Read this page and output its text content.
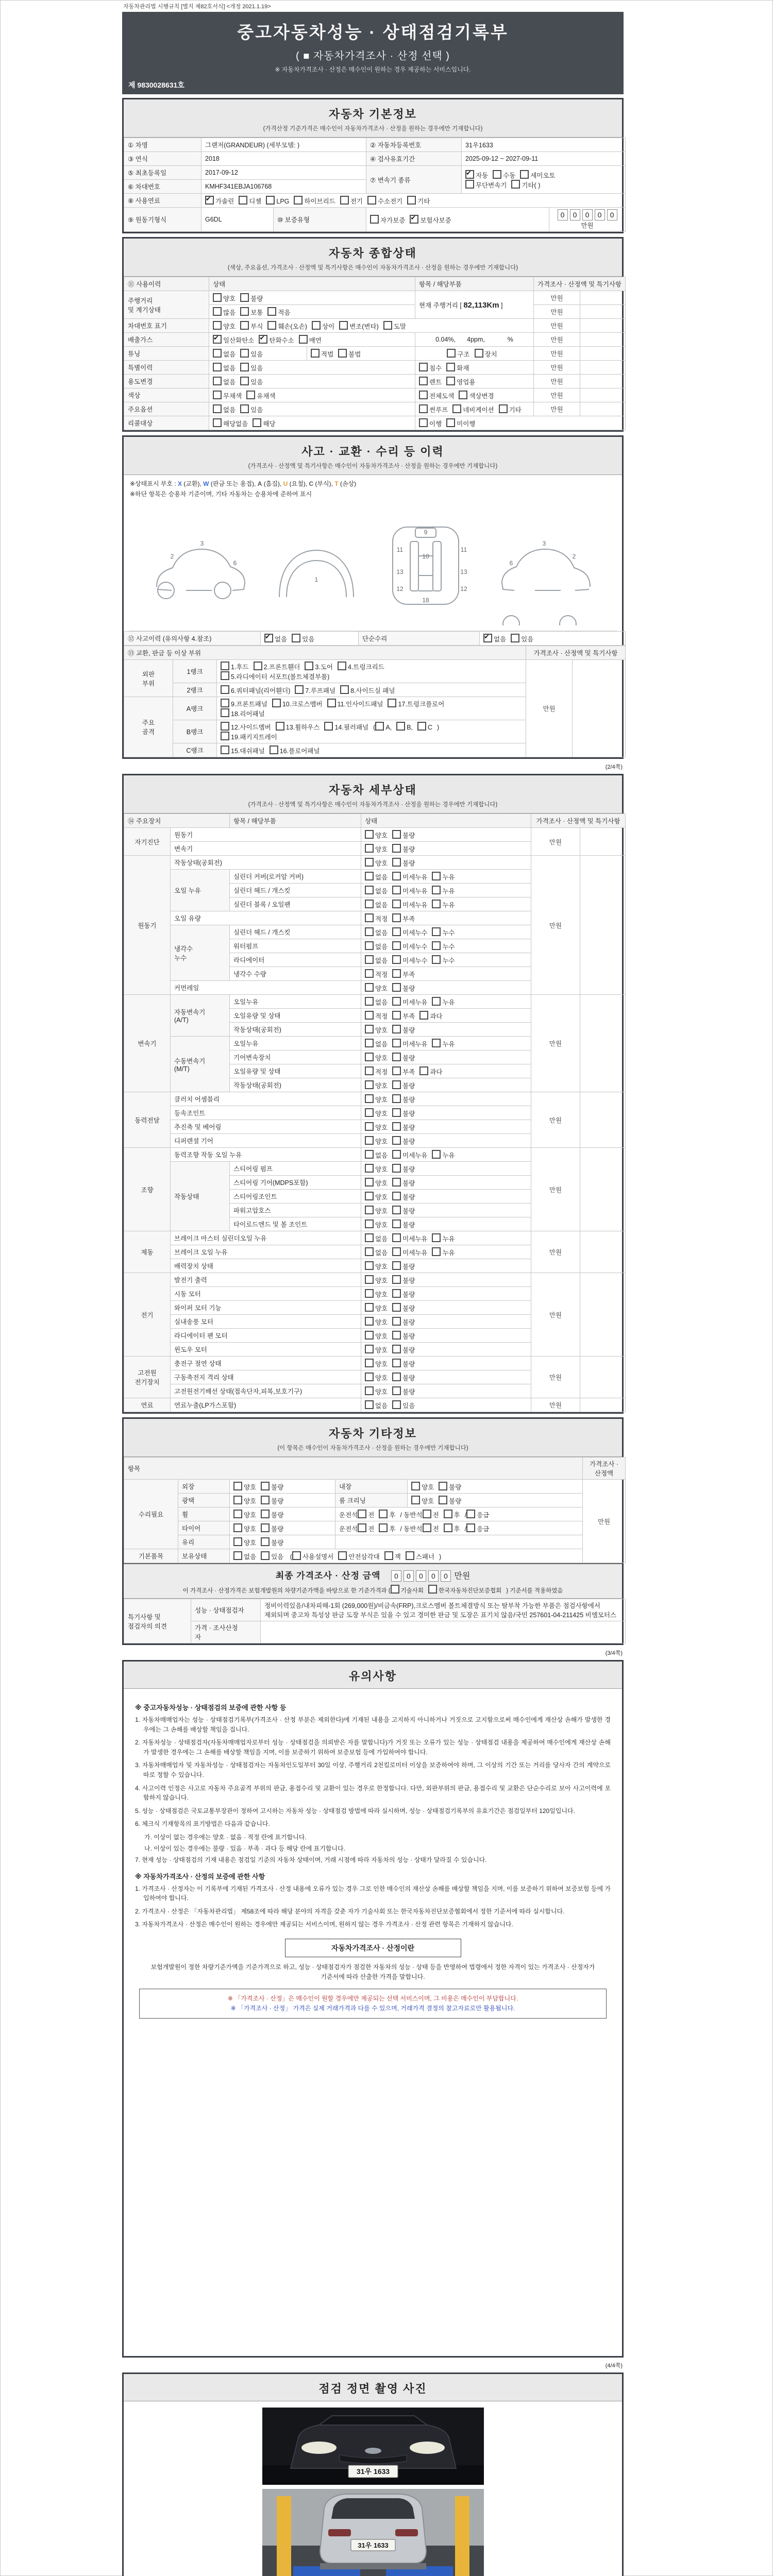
자동차관리법 시행규칙 [별지 제82호서식] <개정 2021.1.19>
중고자동차성능 · 상태점검기록부
( ■ 자동차가격조사 · 산정 선택 )
※ 자동차가격조사 · 산정은 매수인이 원하는 경우 제공하는 서비스입니다.
제 9830028631호
자동차 기본정보
(가격산정 기준가격은 매수인이 자동차가격조사 · 산정을 원하는 경우에만 기재합니다)
① 차명	그랜저(GRANDEUR) (세부모델: )		② 자동차등록번호	31우1633	
③ 연식	2018		④ 검사유효기간	2025-09-12 ~ 2027-09-11	
⑤ 최초등록일	2017-09-12		⑦ 변속기 종류	✔자동 수동 세미오토
무단변속기 기타( )
⑥ 차대번호	KMHF341EBJA106768				
⑧ 사용연료	✔가솔린 디젤 LPG 하이브리드 전기 수소전기 기타
⑨ 원동기형식	G6DL	⑩ 보증유형	자가보증 ✔ 보험사보증		0 0 0 0 0만원
자동차 종합상태
(색상, 주요옵션, 가격조사 · 산정액 및 특기사항은 매수인이 자동차가격조사 · 산정을 원하는 경우에만 기재합니다)
⑪ 사용이력	상태		항목 / 해당부품	가격조사 · 산정액 및 특기사항	
주행거리
및 계기상태	양호 불량		현재 주행거리 [ 82,113Km ]	만원	
	많음 보통 적음			만원	
차대번호 표기	양호 부식 훼손(오손) 상이 변조(변타) 도말			만원	
배출가스	✔일산화탄소 ✔ 탄화수소 매연		0.04%, 4ppm, %	만원	
튜닝	없음 있음	적법 불법	구조 장치	만원	
특별이력	없음 있음		침수 화재	만원	
용도변경	없음 있음		렌트 영업용	만원	
색상	무채색 유채색		전체도색 색상변경	만원	
주요옵션	없음 있음		썬루프 네비게이션 기타	만원	
리콜대상	해당없음 해당		이행 미이행		
사고 · 교환 · 수리 등 이력
(가격조사 · 산정액 및 특기사항은 매수인이 자동차가격조사 · 산정을 원하는 경우에만 기재합니다)
※상태표시 부호 : X (교환), W (판금 또는 용접), A (흠집), U (요철), C (부식), T (손상)
※하단 항목은 승용차 기준이며, 기타 자동차는 승용차에 준하여 표시
2
3
6
1
11	11
9
10
13	13
12	12
18
2
3
6
⑫ 사고이력 (유의사항 4.참조)	✔없음 있음	단순수리	✔없음 있음
⑬ 교환, 판금 등 이상 부위			가격조사 · 산정액 및 특기사항	
외판
부위	1랭크	1.후드 2.프론트휀더 3.도어 4.트렁크리드
5.라디에이터 서포트(볼트체결부품)	만원	
	2랭크	6.쿼터패널(리어휀더) 7.루프패널 8.사이드실 패널		
주요
골격	A랭크	9.프론트패널 10.크로스멤버 11.인사이드패널 17.트렁크플로어
18.리어패널		
	B랭크	12.사이드멤버 13.휠하우스 14.필러패널 ( A, B, C )
19.패키지트레이		
	C랭크	15.대쉬패널 16.플로어패널		
(2/4쪽)
자동차 세부상태
(가격조사 · 산정액 및 특기사항은 매수인이 자동차가격조사 · 산정을 원하는 경우에만 기재합니다)
⑭ 주요장치		항목 / 해당부품	상태	가격조사 · 산정액 및 특기사항	
자기진단	원동기		양호 불량	만원	
	변속기		양호 불량		
원동기	작동상태(공회전)		양호 불량	만원	
	오일 누유	실린더 커버(로커암 커버)	없음 미세누유 누유		
		실린더 헤드 / 개스킷	없음 미세누유 누유		
		실린더 블록 / 오일팬	없음 미세누유 누유		
	오일 유량		적정 부족		
	냉각수
누수	실린더 헤드 / 개스킷	없음 미세누수 누수		
		워터펌프	없음 미세누수 누수		
		라디에이터	없음 미세누수 누수		
		냉각수 수량	적정 부족		
	커먼레일		양호 불량		
변속기	자동변속기
(A/T)	오일누유	없음 미세누유 누유	만원	
		오일유량 및 상태	적정 부족 과다		
		작동상태(공회전)	양호 불량		
	수동변속기
(M/T)	오일누유	없음 미세누유 누유		
		기어변속장치	양호 불량		
		오일유량 및 상태	적정 부족 과다		
		작동상태(공회전)	양호 불량		
동력전달	클러치 어셈블리		양호 불량	만원	
	등속조인트		양호 불량		
	추진축 및 베어링		양호 불량		
	디퍼렌셜 기어		양호 불량		
조향	동력조향 작동 오일 누유		없음 미세누유 누유	만원	
	작동상태	스티어링 펌프	양호 불량		
		스티어링 기어(MDPS포함)	양호 불량		
		스티어링조인트	양호 불량		
		파워고압호스	양호 불량		
		타이로드엔드 및 볼 조인트	양호 불량		
제동	브레이크 마스터 실린더오일 누유		없음 미세누유 누유	만원	
	브레이크 오일 누유		없음 미세누유 누유		
	배력장치 상태		양호 불량		
전기	발전기 출력		양호 불량	만원	
	시동 모터		양호 불량		
	와이퍼 모터 기능		양호 불량		
	실내송풍 모터		양호 불량		
	라디에이터 팬 모터		양호 불량		
	윈도우 모터		양호 불량		
고전원
전기장치	충전구 절연 상태		양호 불량	만원	
	구동축전지 격리 상태		양호 불량		
	고전원전기배선 상태(접속단자,피복,보호기구)		양호 불량		
연료	연료누출(LP가스포함)		없음 있음	만원	
자동차 기타정보
(이 항목은 매수인이 자동차가격조사 · 산정을 원하는 경우에만 기재합니다)
항목					가격조사 · 산정액
수리필요	외장	양호 불량	내장	양호 불량	만원
	광택	양호 불량	룸 크리닝	양호 불량	
	휠	양호 불량	운전석 전 후 / 동반석 전 후 / 응급		
	타이어	양호 불량	운전석 전 후 / 동반석 전 후 / 응급		
	유리	양호 불량			
기본품목	보유상태	없음 있음 ( 사용설명서 안전삼각대 잭 스패너 )			
최종 가격조사 · 산정 금액 0 0 0 0 0 만원
이 가격조사 · 산정가격은 보험개발원의 차량기준가액을 바탕으로 한 기준가격과 ( 기술사회	한국자동차진단보증협회 ) 기준서를 적용하였음
특기사항 및
점검자의 의견	성능 · 상태점검자	정비이력있음/내차피해-1회 (269,000원)/비금속(FRP),크로스멤버 볼트체결방식 또는 탈부착 가능한 부품은 점검사항에서 제외되며 중고차 특성상 판금 도장 부식은 있을 수 있고 경미한 판금 및 도장은 표기치 않음/국민 257601-04-211425 비엠모터스
	가격 · 조사산정
자	
(3/4쪽)
유의사항
※ 중고자동차성능 · 상태점검의 보증에 관한 사항 등
1. 자동차매매업자는 성능 · 상태점검기록부(가격조사 · 산정 부분은 제외한다)에 기재된 내용을 고지하지 아니하거나 거짓으로 고지함으로써 매수인에게 재산상 손해가 발생한 경우에는 그 손해를 배상할 책임을 집니다.
2. 자동차성능 · 상태점검자(자동차매매업자로부터 성능 · 상태점검을 의뢰받은 자를 말합니다)가 거짓 또는 오류가 있는 성능 · 상태점검 내용을 제공하여 매수인에게 재산상 손해가 발생한 경우에는 그 손해를 배상할 책임을 지며, 이를 보증하기 위하여 보증보험 등에 가입하여야 합니다.
3. 자동차매매업자 및 자동차성능 · 상태점검자는 자동차인도일부터 30일 이상, 주행거리 2천킬로미터 이상을 보증하여야 하며, 그 이상의 기간 또는 거리를 당사자 간의 계약으로 따로 정할 수 있습니다.
4. 사고이력 인정은 사고로 자동차 주요골격 부위의 판금, 용접수리 및 교환이 있는 경우로 한정합니다. 다만, 외판부위의 판금, 용접수리 및 교환은 단순수리로 보아 사고이력에 포함하지 않습니다.
5. 성능 · 상태점검은 국토교통부장관이 정하여 고시하는 자동차 성능 · 상태점검 방법에 따라 실시하며, 성능 · 상태점검기록부의 유효기간은 점검일부터 120일입니다.
6. 체크식 기재항목의 표기방법은 다음과 같습니다.
가. 이상이 없는 경우에는 양호 · 없음 · 적정 란에 표기합니다.
나. 이상이 있는 경우에는 불량 · 있음 · 부족 · 과다 등 해당 란에 표기합니다.
7. 현재 성능 · 상태점검의 기재 내용은 점검일 기준의 자동차 상태이며, 거래 시점에 따라 자동차의 성능 · 상태가 달라질 수 있습니다.
※ 자동차가격조사 · 산정의 보증에 관한 사항
1. 가격조사 · 산정자는 이 기록부에 기재된 가격조사 · 산정 내용에 오류가 있는 경우 그로 인한 매수인의 재산상 손해를 배상할 책임을 지며, 이를 보증하기 위하여 보증보험 등에 가입하여야 합니다.
2. 가격조사 · 산정은 「자동차관리법」 제58조에 따라 해당 분야의 자격을 갖춘 자가 기술사회 또는 한국자동차진단보증협회에서 정한 기준서에 따라 실시합니다.
3. 자동차가격조사 · 산정은 매수인이 원하는 경우에만 제공되는 서비스이며, 원하지 않는 경우 가격조사 · 산정 관련 항목은 기재하지 않습니다.
자동차가격조사 · 산정이란
보험개발원이 정한 차량기준가액을 기준가격으로 하고, 성능 · 상태점검자가 점검한 자동차의 성능 · 상태 등을 반영하여 법령에서 정한 자격이 있는 가격조사 · 산정자가 기준서에 따라 산출한 가격을 말합니다.
※ 「가격조사 · 산정」은 매수인이 원할 경우에만 제공되는 선택 서비스이며, 그 비용은 매수인이 부담합니다.
※ 「가격조사 · 산정」 가격은 실제 거래가격과 다를 수 있으며, 거래가격 결정의 참고자료로만 활용됩니다.
(4/4쪽)
점검 정면 촬영 사진
31우 1633
31우 1633
